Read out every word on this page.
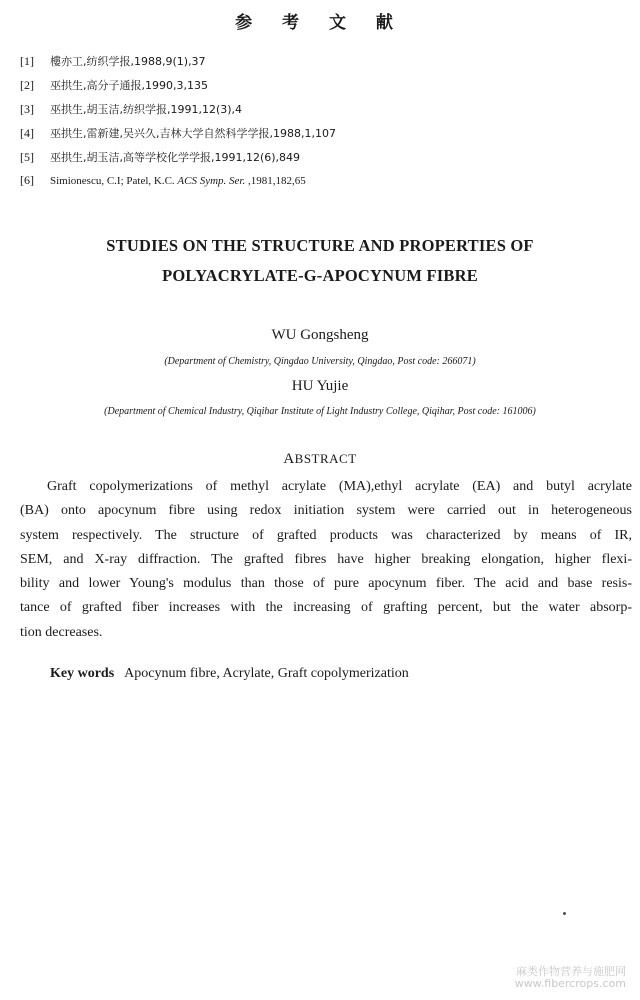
参 考 文 献
[1] 樓亦工,纺织学报,1988,9(1),37
[2] 巫拱生,高分子通报,1990,3,135
[3] 巫拱生,胡玉洁,纺织学报,1991,12(3),4
[4] 巫拱生,雷新建,吴兴久,吉林大学自然科学学报,1988,1,107
[5] 巫拱生,胡玉洁,高等学校化学学报,1991,12(6),849
[6] Simionescu, C.I; Patel, K.C. ACS Symp. Ser. ,1981,182,65
STUDIES ON THE STRUCTURE AND PROPERTIES OF
POLYACRYLATE-G-APOCYNUM FIBRE
WU Gongsheng
(Department of Chemistry, Qingdao University, Qingdao, Post code: 266071)
HU Yujie
(Department of Chemical Industry, Qiqihar Institute of Light Industry College, Qiqihar, Post code: 161006)
ABSTRACT
Graft copolymerizations of methyl acrylate (MA),ethyl acrylate (EA) and butyl acrylate
(BA) onto apocynum fibre using redox initiation system were carried out in heterogeneous
system respectively. The structure of grafted products was characterized by means of IR,
SEM, and X-ray diffraction. The grafted fibres have higher breaking elongation, higher flexi-
bility and lower Young's modulus than those of pure apocynum fiber. The acid and base resis-
tance of grafted fiber increases with the increasing of grafting percent, but the water absorp-
tion decreases.
Key words Apocynum fibre, Acrylate, Graft copolymerization
麻类作物营养与施肥网
www.fibercrops.com
